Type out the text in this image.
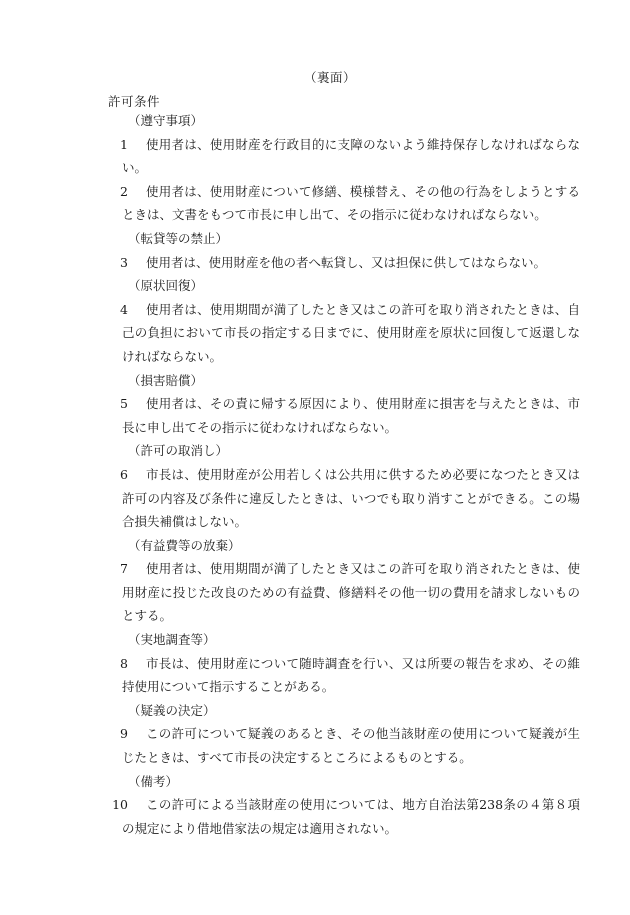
（裏面）
許可条件
（遵守事項）
1	使用者は、使用財産を行政目的に支障のないよう維持保存しなければならない。
2	使用者は、使用財産について修繕、模様替え、その他の行為をしようとするときは、文書をもつて市長に申し出て、その指示に従わなければならない。
（転貸等の禁止）
3	使用者は、使用財産を他の者へ転貸し、又は担保に供してはならない。
（原状回復）
4	使用者は、使用期間が満了したとき又はこの許可を取り消されたときは、自己の負担において市長の指定する日までに、使用財産を原状に回復して返還しなければならない。
（損害賠償）
5	使用者は、その責に帰する原因により、使用財産に損害を与えたときは、市長に申し出てその指示に従わなければならない。
（許可の取消し）
6	市長は、使用財産が公用若しくは公共用に供するため必要になつたとき又は許可の内容及び条件に違反したときは、いつでも取り消すことができる。この場合損失補償はしない。
（有益費等の放棄）
7	使用者は、使用期間が満了したとき又はこの許可を取り消されたときは、使用財産に投じた改良のための有益費、修繕料その他一切の費用を請求しないものとする。
（実地調査等）
8	市長は、使用財産について随時調査を行い、又は所要の報告を求め、その維持使用について指示することがある。
（疑義の決定）
9	この許可について疑義のあるとき、その他当該財産の使用について疑義が生じたときは、すべて市長の決定するところによるものとする。
（備考）
10	この許可による当該財産の使用については、地方自治法第238条の４第８項の規定により借地借家法の規定は適用されない。
